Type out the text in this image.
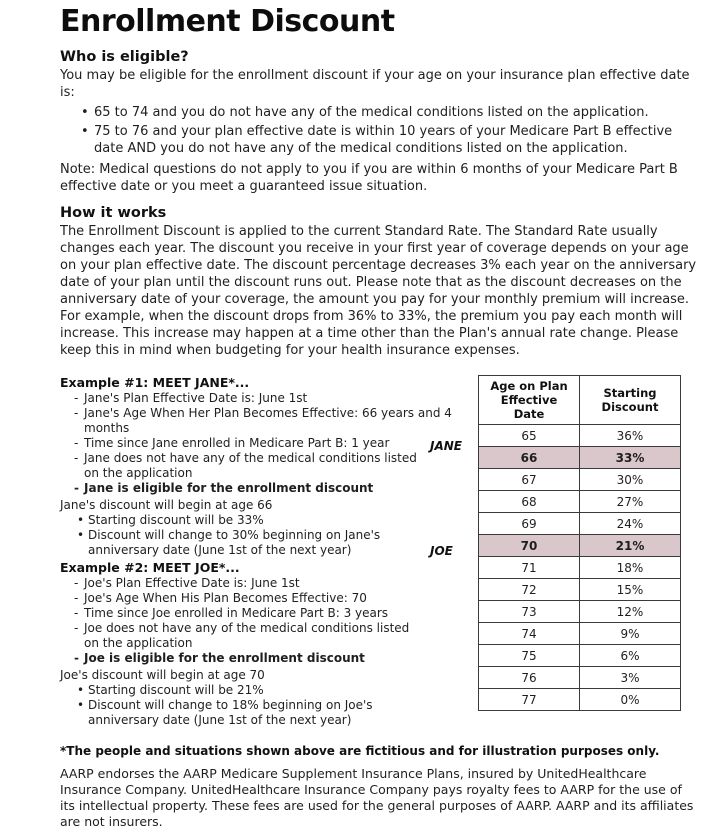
Enrollment Discount
Who is eligible?

You may be eligible for the enrollment discount if your age on your insurance plan effective date is:

• 65 to 74 and you do not have any of the medical conditions listed on the application.
• 75 to 76 and your plan effective date is within 10 years of your Medicare Part B effective date AND you do not have any of the medical conditions listed on the application.

Note: Medical questions do not apply to you if you are within 6 months of your Medicare Part B effective date or you meet a guaranteed issue situation.

How it works

The Enrollment Discount is applied to the current Standard Rate. The Standard Rate usually changes each year. The discount you receive in your first year of coverage depends on your age on your plan effective date. The discount percentage decreases 3% each year on the anniversary date of your plan until the discount runs out. Please note that as the discount decreases on the anniversary date of your coverage, the amount you pay for your monthly premium will increase. For example, when the discount drops from 36% to 33%, the premium you pay each month will increase. This increase may happen at a time other than the Plan's annual rate change. Please keep this in mind when budgeting for your health insurance expenses.

Example #1: MEET JANE*...

- Jane's Plan Effective Date is: June 1st
- Jane's Age When Her Plan Becomes Effective: 66 years and 4 months
- Time since Jane enrolled in Medicare Part B: 1 year
- Jane does not have any of the medical conditions listed
on the application
- Jane is eligible for the enrollment discount

Jane's discount will begin at age 66

• Starting discount will be 33%
• Discount will change to 30% beginning on Jane's
anniversary date (June 1st of the next year)

Example #2: MEET JOE*...

- Joe's Plan Effective Date is: June 1st
- Joe's Age When His Plan Becomes Effective: 70
- Time since Joe enrolled in Medicare Part B: 3 years
- Joe does not have any of the medical conditions listed
on the application
- Joe is eligible for the enrollment discount

Joe's discount will begin at age 70

• Starting discount will be 21%
• Discount will change to 18% beginning on Joe's
anniversary date (June 1st of the next year)
JANE
JOE
Age on Plan
Effective Date	Starting
Discount
65	36%
66	33%
67	30%
68	27%
69	24%
70	21%
71	18%
72	15%
73	12%
74	9%
75	6%
76	3%
77	0%

*The people and situations shown above are fictitious and for illustration purposes only.

AARP endorses the AARP Medicare Supplement Insurance Plans, insured by UnitedHealthcare Insurance Company. UnitedHealthcare Insurance Company pays royalty fees to AARP for the use of its intellectual property. These fees are used for the general purposes of AARP. AARP and its affiliates are not insurers.
